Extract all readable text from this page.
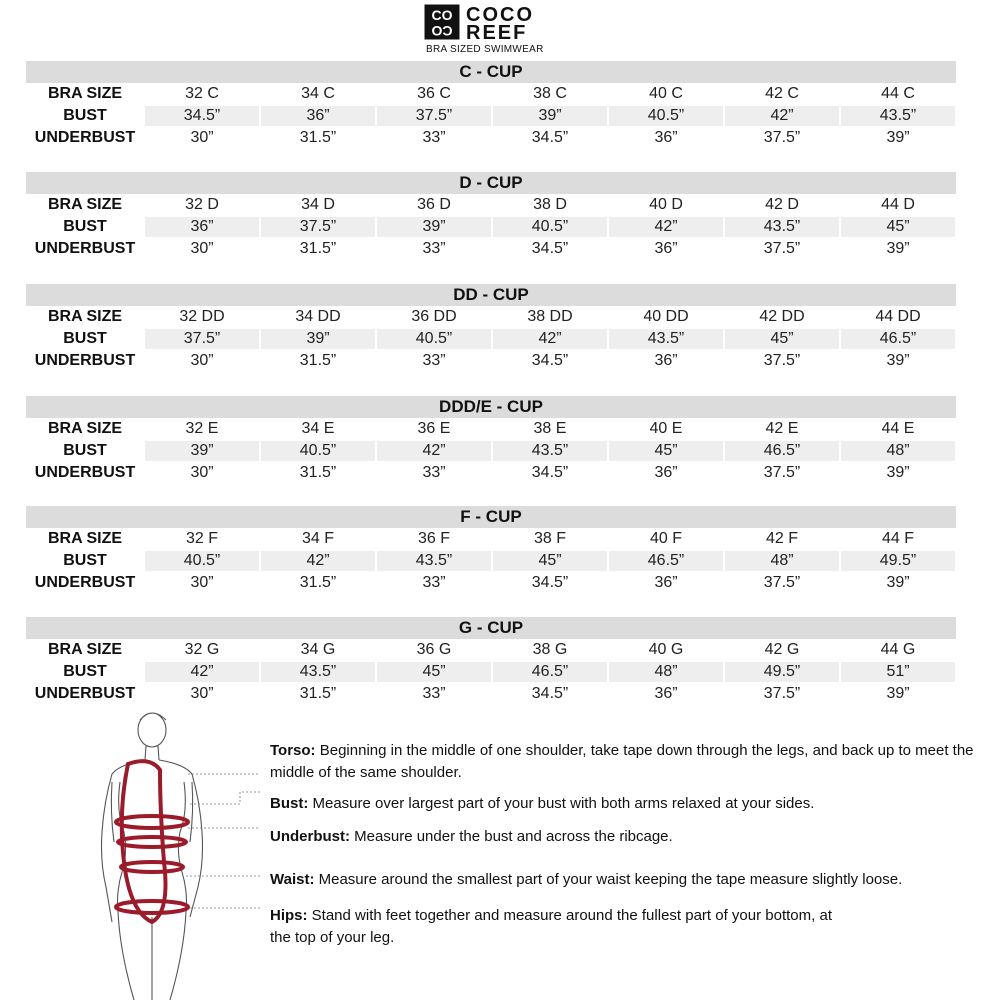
CO
CO
COCO
REEF
BRA SIZED SWIMWEAR
C - CUP
BRA SIZE	32 C	34 C	36 C	38 C	40 C	42 C	44 C
BUST	34.5”	36”	37.5”	39”	40.5”	42”	43.5”
UNDERBUST	30”	31.5”	33”	34.5”	36”	37.5”	39”
D - CUP
BRA SIZE	32 D	34 D	36 D	38 D	40 D	42 D	44 D
BUST	36”	37.5”	39”	40.5”	42”	43.5”	45”
UNDERBUST	30”	31.5”	33”	34.5”	36”	37.5”	39”
DD - CUP
BRA SIZE	32 DD	34 DD	36 DD	38 DD	40 DD	42 DD	44 DD
BUST	37.5”	39”	40.5”	42”	43.5”	45”	46.5”
UNDERBUST	30”	31.5”	33”	34.5”	36”	37.5”	39”
DDD/E - CUP
BRA SIZE	32 E	34 E	36 E	38 E	40 E	42 E	44 E
BUST	39”	40.5”	42”	43.5”	45”	46.5”	48”
UNDERBUST	30”	31.5”	33”	34.5”	36”	37.5”	39”
F - CUP
BRA SIZE	32 F	34 F	36 F	38 F	40 F	42 F	44 F
BUST	40.5”	42”	43.5”	45”	46.5”	48”	49.5”
UNDERBUST	30”	31.5”	33”	34.5”	36”	37.5”	39”
G - CUP
BRA SIZE	32 G	34 G	36 G	38 G	40 G	42 G	44 G
BUST	42”	43.5”	45”	46.5”	48”	49.5”	51”
UNDERBUST	30”	31.5”	33”	34.5”	36”	37.5”	39”
Torso: Beginning in the middle of one shoulder, take tape down through the legs, and back up to meet the middle of the same shoulder.
Bust: Measure over largest part of your bust with both arms relaxed at your sides.
Underbust: Measure under the bust and across the ribcage.
Waist: Measure around the smallest part of your waist keeping the tape measure slightly loose.
Hips: Stand with feet together and measure around the fullest part of your bottom, at the top of your leg.
